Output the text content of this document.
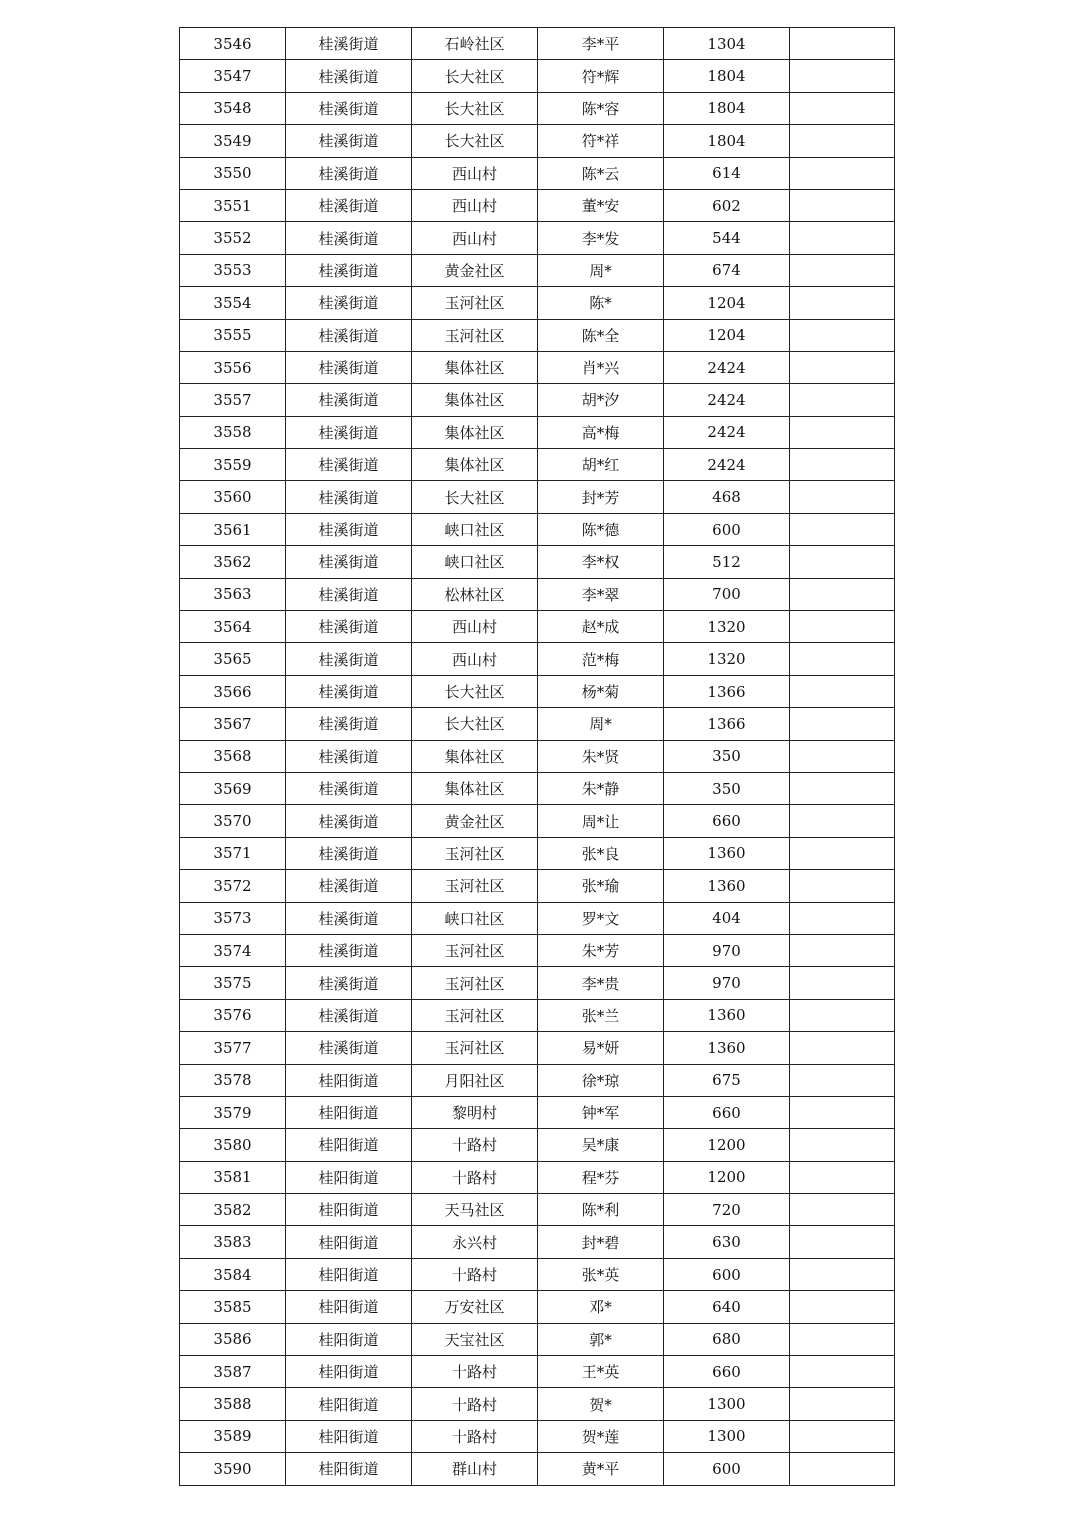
3546	桂溪街道	石岭社区	李*平	1304	
3547	桂溪街道	长大社区	符*辉	1804	
3548	桂溪街道	长大社区	陈*容	1804	
3549	桂溪街道	长大社区	符*祥	1804	
3550	桂溪街道	西山村	陈*云	614	
3551	桂溪街道	西山村	董*安	602	
3552	桂溪街道	西山村	李*发	544	
3553	桂溪街道	黄金社区	周*	674	
3554	桂溪街道	玉河社区	陈*	1204	
3555	桂溪街道	玉河社区	陈*全	1204	
3556	桂溪街道	集体社区	肖*兴	2424	
3557	桂溪街道	集体社区	胡*汐	2424	
3558	桂溪街道	集体社区	高*梅	2424	
3559	桂溪街道	集体社区	胡*红	2424	
3560	桂溪街道	长大社区	封*芳	468	
3561	桂溪街道	峡口社区	陈*德	600	
3562	桂溪街道	峡口社区	李*权	512	
3563	桂溪街道	松林社区	李*翠	700	
3564	桂溪街道	西山村	赵*成	1320	
3565	桂溪街道	西山村	范*梅	1320	
3566	桂溪街道	长大社区	杨*菊	1366	
3567	桂溪街道	长大社区	周*	1366	
3568	桂溪街道	集体社区	朱*贤	350	
3569	桂溪街道	集体社区	朱*静	350	
3570	桂溪街道	黄金社区	周*让	660	
3571	桂溪街道	玉河社区	张*良	1360	
3572	桂溪街道	玉河社区	张*瑜	1360	
3573	桂溪街道	峡口社区	罗*文	404	
3574	桂溪街道	玉河社区	朱*芳	970	
3575	桂溪街道	玉河社区	李*贵	970	
3576	桂溪街道	玉河社区	张*兰	1360	
3577	桂溪街道	玉河社区	易*妍	1360	
3578	桂阳街道	月阳社区	徐*琼	675	
3579	桂阳街道	黎明村	钟*军	660	
3580	桂阳街道	十路村	吴*康	1200	
3581	桂阳街道	十路村	程*芬	1200	
3582	桂阳街道	天马社区	陈*利	720	
3583	桂阳街道	永兴村	封*碧	630	
3584	桂阳街道	十路村	张*英	600	
3585	桂阳街道	万安社区	邓*	640	
3586	桂阳街道	天宝社区	郭*	680	
3587	桂阳街道	十路村	王*英	660	
3588	桂阳街道	十路村	贺*	1300	
3589	桂阳街道	十路村	贺*莲	1300	
3590	桂阳街道	群山村	黄*平	600	
